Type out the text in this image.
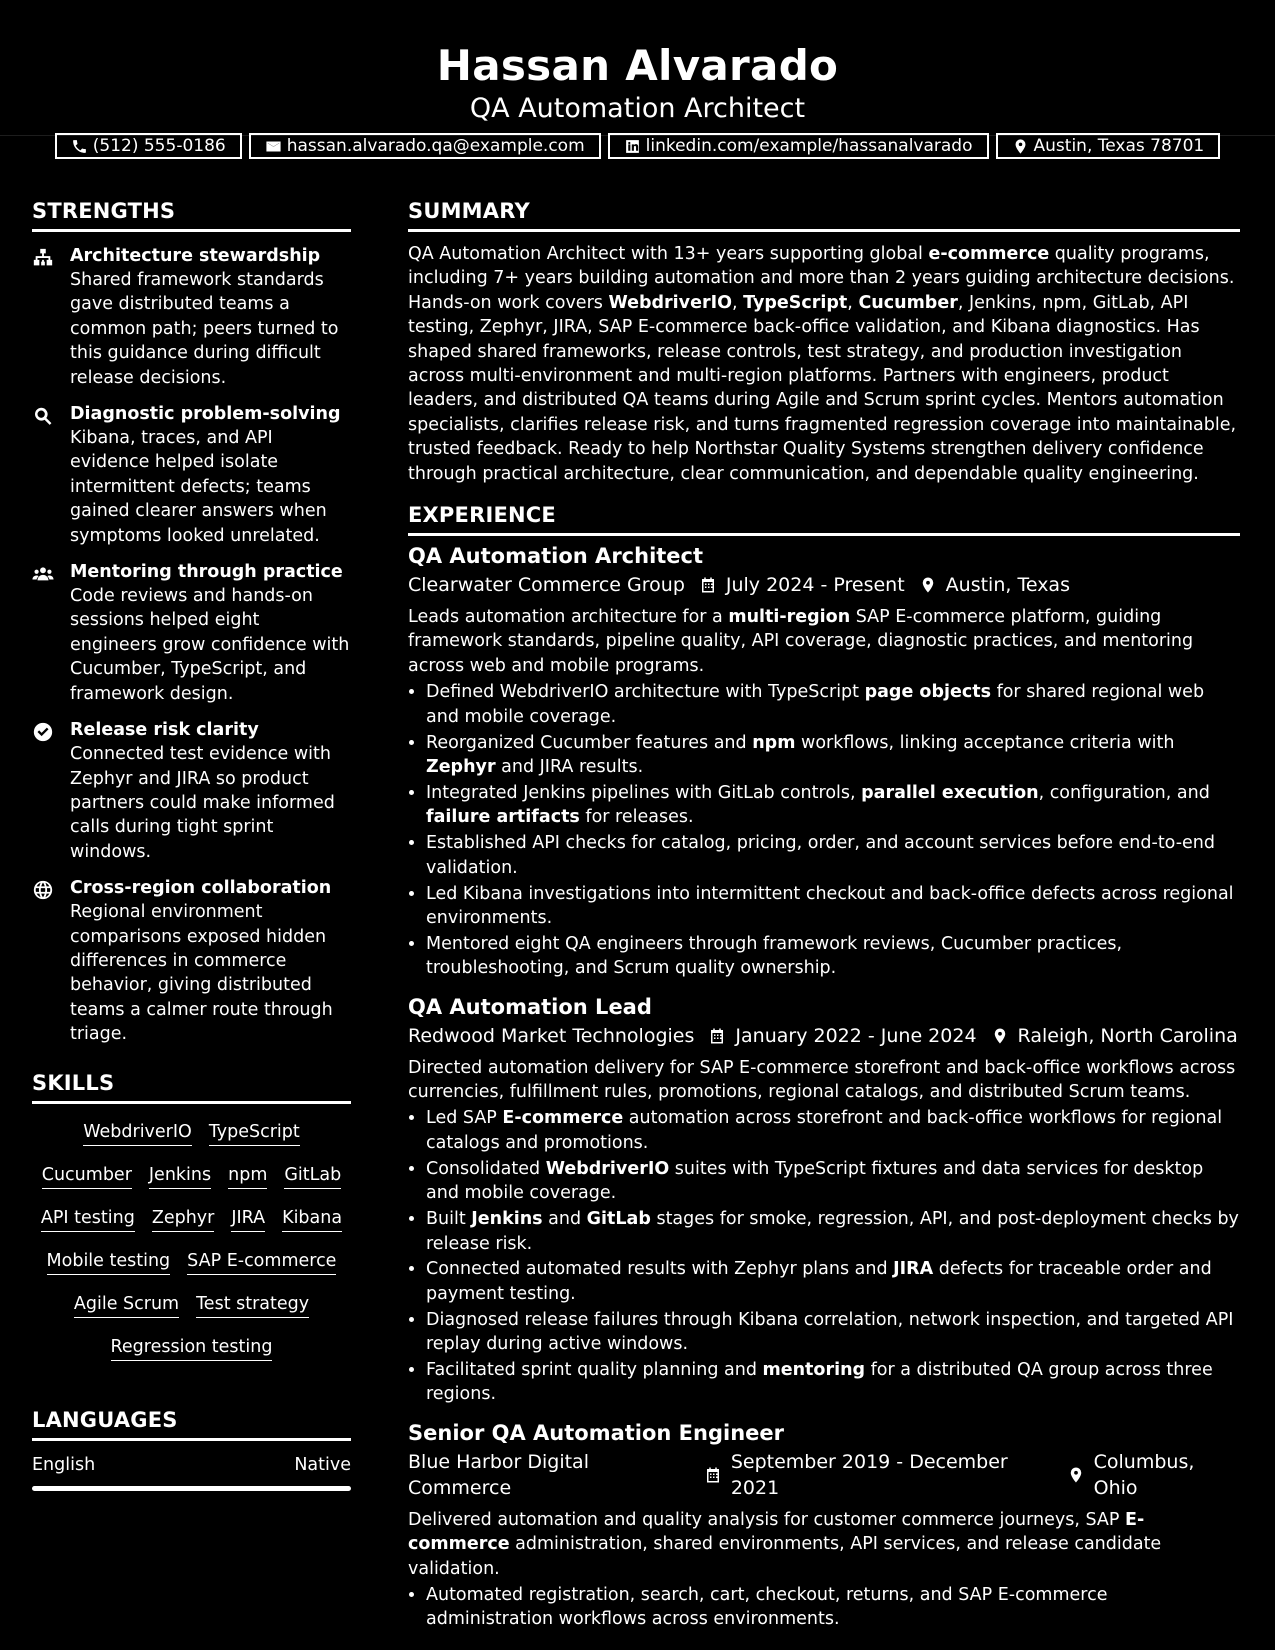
Hassan Alvarado
QA Automation Architect
(512) 555-0186	hassan.alvarado.qa@example.com	linkedin.com/example/hassanalvarado	Austin, Texas 78701
STRENGTHS
Architecture stewardship
Shared framework standards gave distributed teams a common path; peers turned to this guidance during difficult release decisions.
Diagnostic problem-solving
Kibana, traces, and API evidence helped isolate intermittent defects; teams gained clearer answers when symptoms looked unrelated.
Mentoring through practice
Code reviews and hands-on sessions helped eight engineers grow confidence with Cucumber, TypeScript, and framework design.
Release risk clarity
Connected test evidence with Zephyr and JIRA so product partners could make informed calls during tight sprint windows.
Cross-region collaboration
Regional environment comparisons exposed hidden differences in commerce behavior, giving distributed teams a calmer route through triage.
SKILLS
WebdriverIO TypeScript
Cucumber Jenkins npm GitLab
API testing Zephyr JIRA Kibana
Mobile testing SAP E-commerce
Agile Scrum Test strategy
Regression testing
LANGUAGES
English	Native
SUMMARY
QA Automation Architect with 13+ years supporting global e-commerce quality programs, including 7+ years building automation and more than 2 years guiding architecture decisions. Hands-on work covers WebdriverIO, TypeScript, Cucumber, Jenkins, npm, GitLab, API testing, Zephyr, JIRA, SAP E-commerce back-office validation, and Kibana diagnostics. Has shaped shared frameworks, release controls, test strategy, and production investigation across multi-environment and multi-region platforms. Partners with engineers, product leaders, and distributed QA teams during Agile and Scrum sprint cycles. Mentors automation specialists, clarifies release risk, and turns fragmented regression coverage into maintainable, trusted feedback. Ready to help Northstar Quality Systems strengthen delivery confidence through practical architecture, clear communication, and dependable quality engineering.
EXPERIENCE
QA Automation Architect
Clearwater Commerce Group July 2024 - Present Austin, Texas
Leads automation architecture for a multi-region SAP E-commerce platform, guiding framework standards, pipeline quality, API coverage, diagnostic practices, and mentoring across web and mobile programs.
• Defined WebdriverIO architecture with TypeScript page objects for shared regional web and mobile coverage.
• Reorganized Cucumber features and npm workflows, linking acceptance criteria with Zephyr and JIRA results.
• Integrated Jenkins pipelines with GitLab controls, parallel execution, configuration, and failure artifacts for releases.
• Established API checks for catalog, pricing, order, and account services before end-to-end validation.
• Led Kibana investigations into intermittent checkout and back-office defects across regional environments.
• Mentored eight QA engineers through framework reviews, Cucumber practices, troubleshooting, and Scrum quality ownership.
QA Automation Lead
Redwood Market Technologies January 2022 - June 2024 Raleigh, North Carolina
Directed automation delivery for SAP E-commerce storefront and back-office workflows across currencies, fulfillment rules, promotions, regional catalogs, and distributed Scrum teams.
• Led SAP E-commerce automation across storefront and back-office workflows for regional catalogs and promotions.
• Consolidated WebdriverIO suites with TypeScript fixtures and data services for desktop and mobile coverage.
• Built Jenkins and GitLab stages for smoke, regression, API, and post-deployment checks by release risk.
• Connected automated results with Zephyr plans and JIRA defects for traceable order and payment testing.
• Diagnosed release failures through Kibana correlation, network inspection, and targeted API replay during active windows.
• Facilitated sprint quality planning and mentoring for a distributed QA group across three regions.
Senior QA Automation Engineer
Blue Harbor Digital Commerce
September 2019 - December 2021
Columbus, Ohio
Delivered automation and quality analysis for customer commerce journeys, SAP E-commerce administration, shared environments, API services, and release candidate validation.
• Automated registration, search, cart, checkout, returns, and SAP E-commerce administration workflows across environments.
